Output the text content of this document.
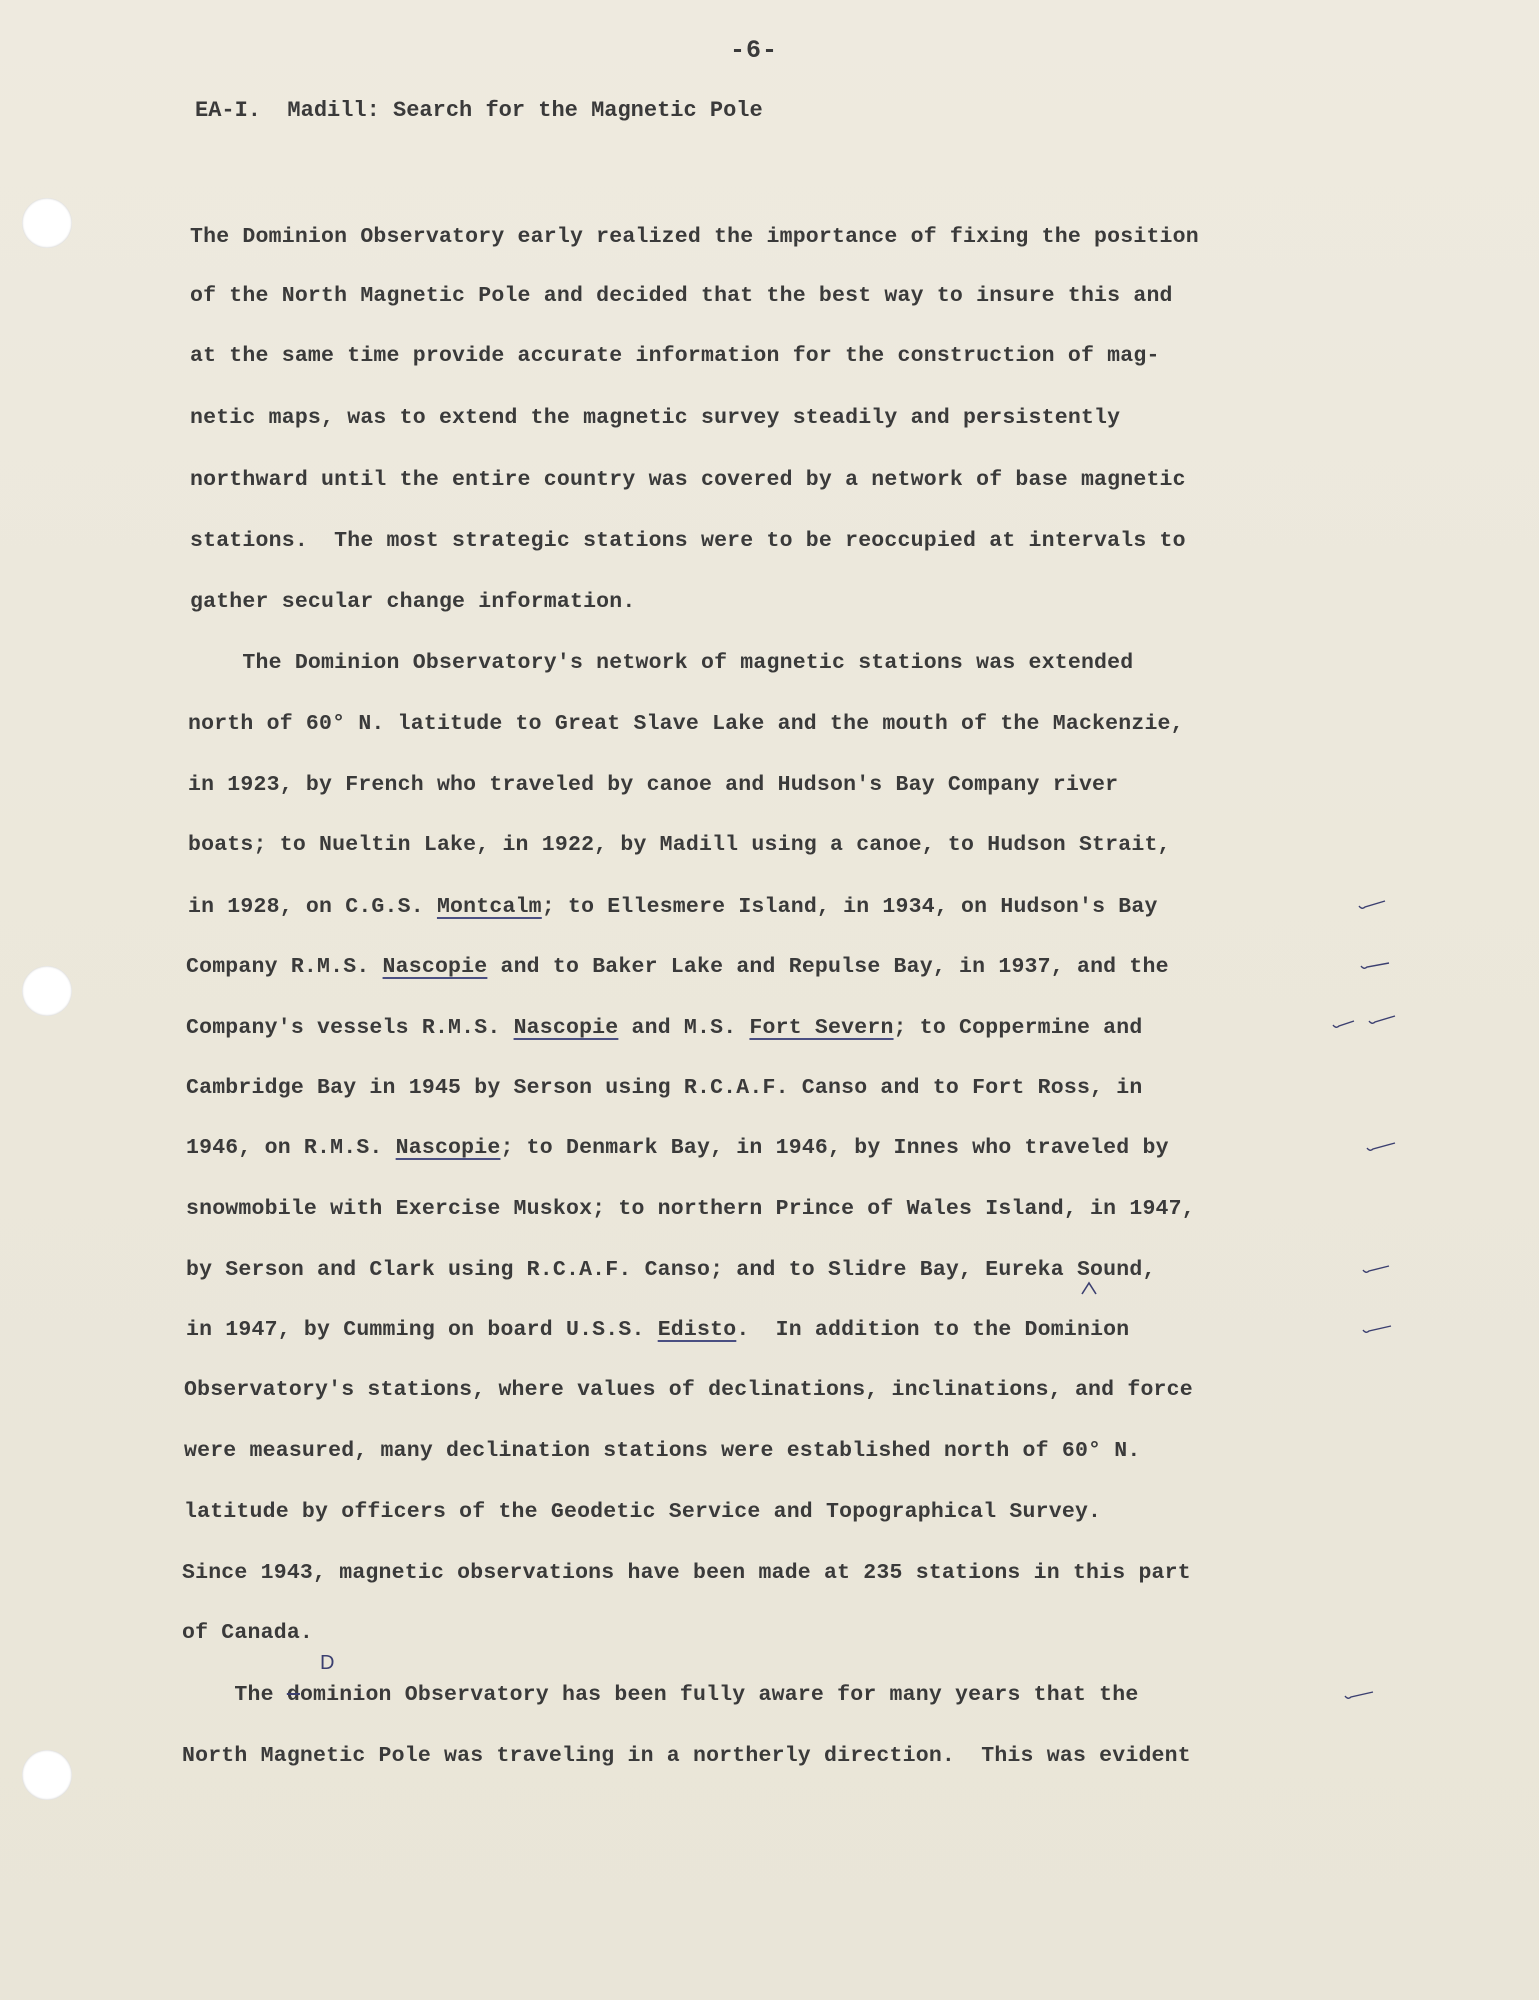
-6-
EA-I.  Madill: Search for the Magnetic Pole
The Dominion Observatory early realized the importance of fixing the position
of the North Magnetic Pole and decided that the best way to insure this and
at the same time provide accurate information for the construction of mag-
netic maps, was to extend the magnetic survey steadily and persistently
northward until the entire country was covered by a network of base magnetic
stations.  The most strategic stations were to be reoccupied at intervals to
gather secular change information.
The Dominion Observatory's network of magnetic stations was extended
north of 60° N. latitude to Great Slave Lake and the mouth of the Mackenzie,
in 1923, by French who traveled by canoe and Hudson's Bay Company river
boats; to Nueltin Lake, in 1922, by Madill using a canoe, to Hudson Strait,
in 1928, on C.G.S. Montcalm; to Ellesmere Island, in 1934, on Hudson's Bay
Company R.M.S. Nascopie and to Baker Lake and Repulse Bay, in 1937, and the
Company's vessels R.M.S. Nascopie and M.S. Fort Severn; to Coppermine and
Cambridge Bay in 1945 by Serson using R.C.A.F. Canso and to Fort Ross, in
1946, on R.M.S. Nascopie; to Denmark Bay, in 1946, by Innes who traveled by
snowmobile with Exercise Muskox; to northern Prince of Wales Island, in 1947,
by Serson and Clark using R.C.A.F. Canso; and to Slidre Bay, Eureka Sound,
in 1947, by Cumming on board U.S.S. Edisto.  In addition to the Dominion
Observatory's stations, where values of declinations, inclinations, and force
were measured, many declination stations were established north of 60° N.
latitude by officers of the Geodetic Service and Topographical Survey.
Since 1943, magnetic observations have been made at 235 stations in this part
of Canada.
The dominion Observatory has been fully aware for many years that the
D
North Magnetic Pole was traveling in a northerly direction.  This was evident
